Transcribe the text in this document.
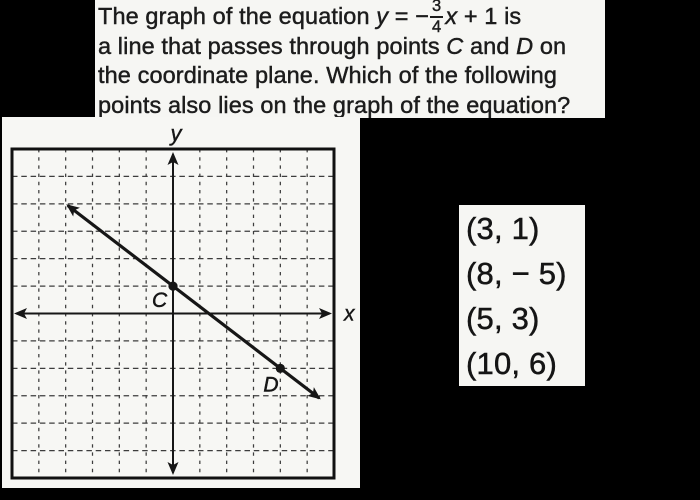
The graph of the equation y = − $\frac{3}{4}$ x + 1 is

a line that passes through points C and D on

the coordinate plane. Which of the following

points also lies on the graph of the equation?

y
x
C
D
(3, 1)
(8, − 5)
(5, 3)
(10, 6)
